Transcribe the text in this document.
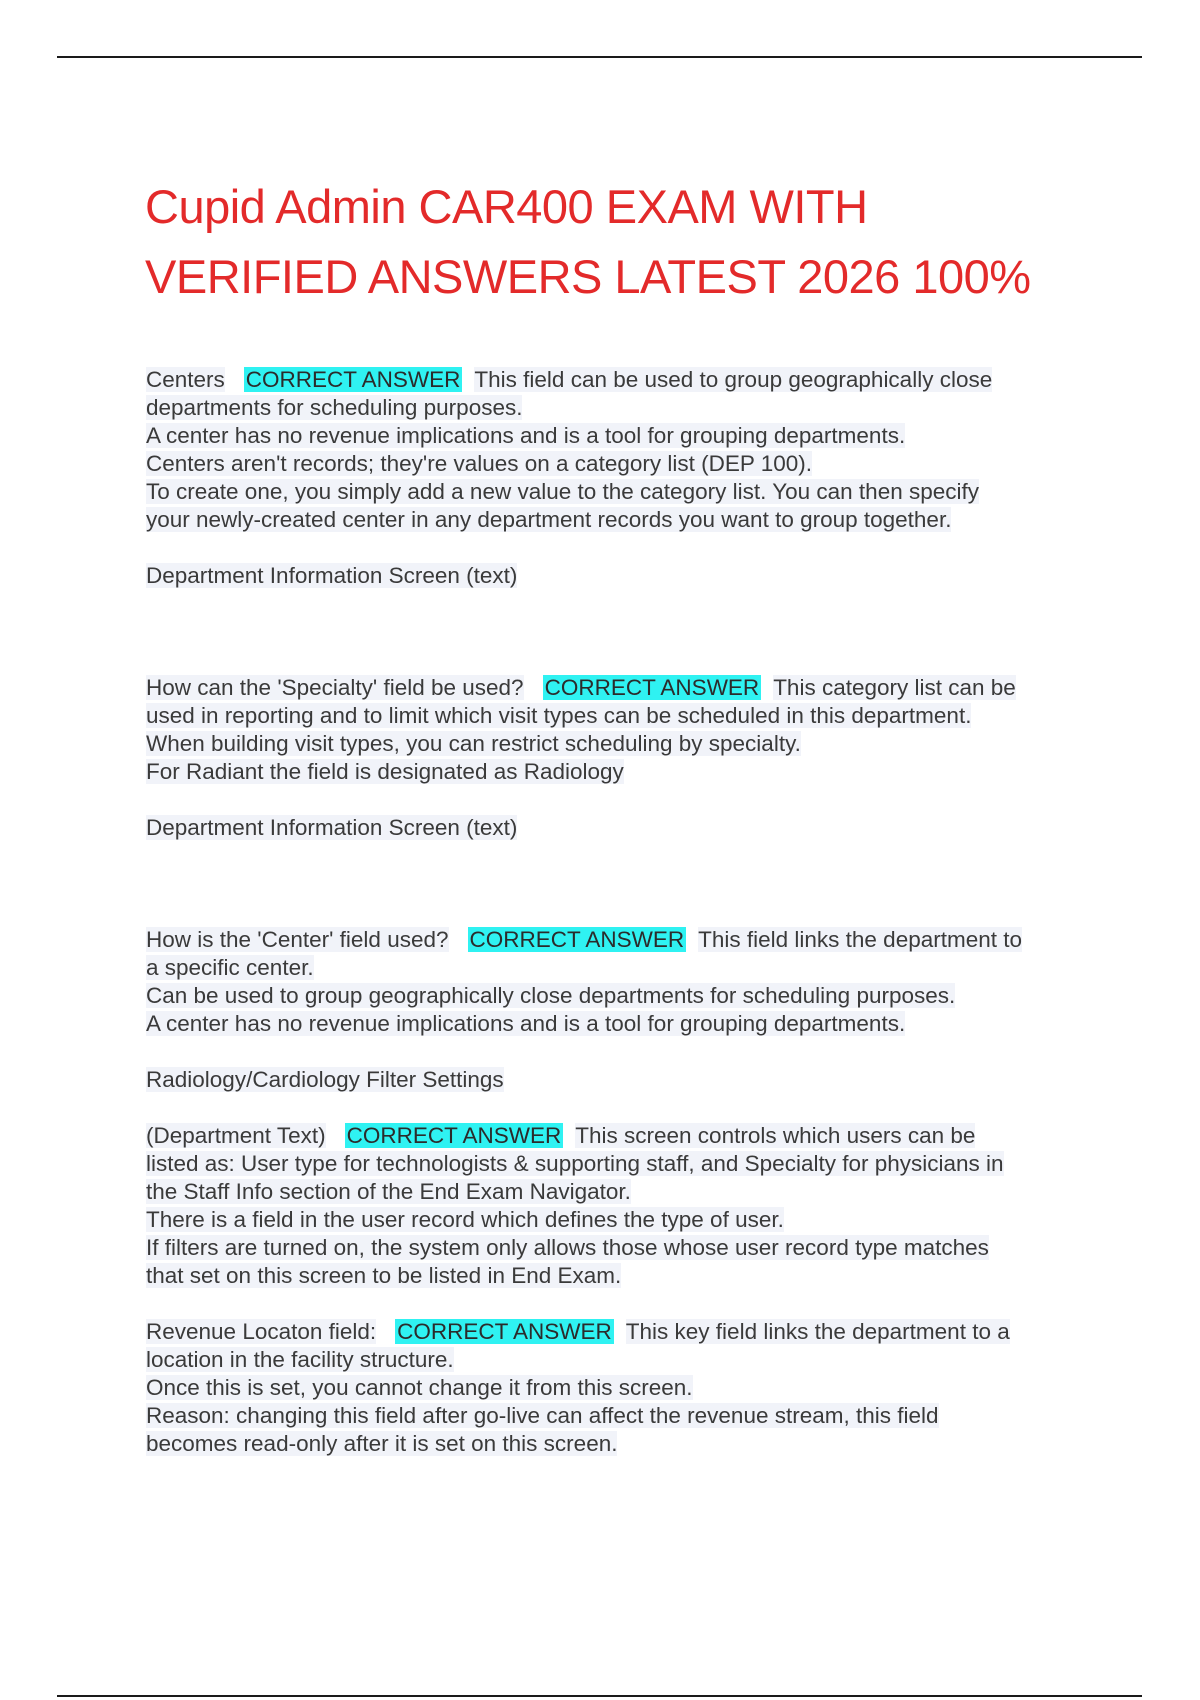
Cupid Admin CAR400 EXAM WITH
VERIFIED ANSWERS LATEST 2026 100%
Centers CORRECT ANSWER This field can be used to group geographically close
departments for scheduling purposes.
A center has no revenue implications and is a tool for grouping departments.
Centers aren't records; they're values on a category list (DEP 100).
To create one, you simply add a new value to the category list. You can then specify
your newly-created center in any department records you want to group together.
Department Information Screen (text)
How can the 'Specialty' field be used? CORRECT ANSWER This category list can be
used in reporting and to limit which visit types can be scheduled in this department.
When building visit types, you can restrict scheduling by specialty.
For Radiant the field is designated as Radiology
Department Information Screen (text)
How is the 'Center' field used? CORRECT ANSWER This field links the department to
a specific center.
Can be used to group geographically close departments for scheduling purposes.
A center has no revenue implications and is a tool for grouping departments.
Radiology/Cardiology Filter Settings
(Department Text) CORRECT ANSWER This screen controls which users can be
listed as: User type for technologists & supporting staff, and Specialty for physicians in
the Staff Info section of the End Exam Navigator.
There is a field in the user record which defines the type of user.
If filters are turned on, the system only allows those whose user record type matches
that set on this screen to be listed in End Exam.
Revenue Locaton field: CORRECT ANSWER This key field links the department to a
location in the facility structure.
Once this is set, you cannot change it from this screen.
Reason: changing this field after go-live can affect the revenue stream, this field
becomes read-only after it is set on this screen.
